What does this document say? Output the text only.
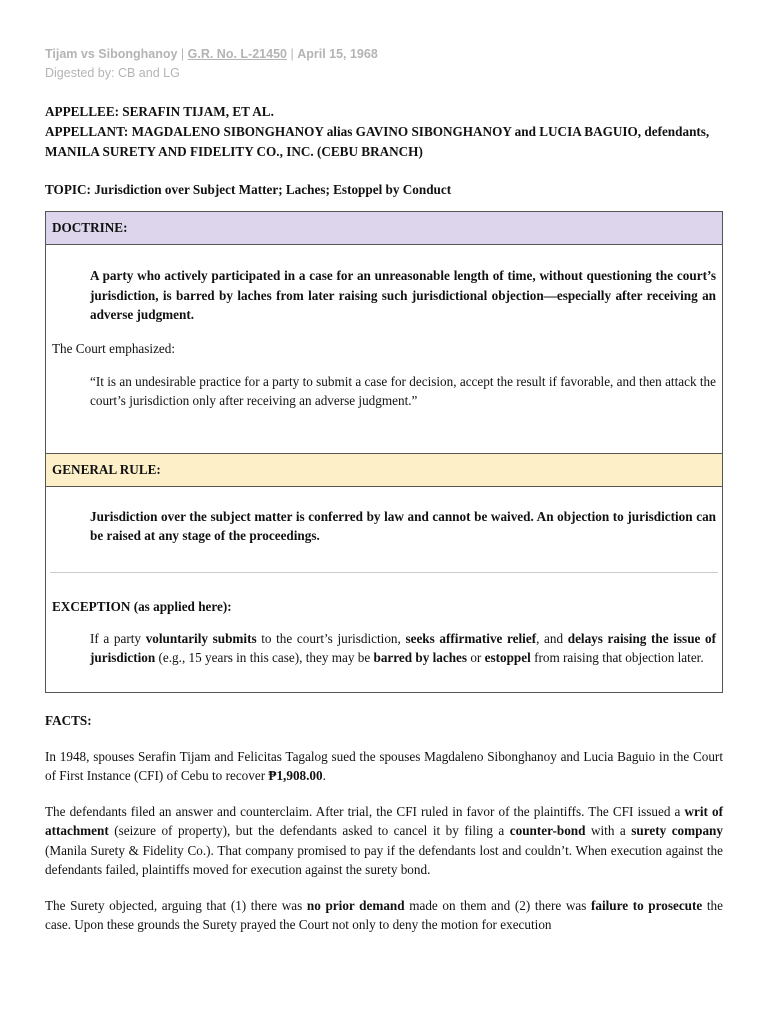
Tijam vs Sibonghanoy | G.R. No. L-21450 | April 15, 1968
Digested by: CB and LG
APPELLEE: SERAFIN TIJAM, ET AL.
APPELLANT: MAGDALENO SIBONGHANOY alias GAVINO SIBONGHANOY and LUCIA BAGUIO, defendants,
MANILA SURETY AND FIDELITY CO., INC. (CEBU BRANCH)
TOPIC: Jurisdiction over Subject Matter; Laches; Estoppel by Conduct
DOCTRINE:
A party who actively participated in a case for an unreasonable length of time, without questioning the court’s jurisdiction, is barred by laches from later raising such jurisdictional objection—especially after receiving an adverse judgment.
The Court emphasized:
“It is an undesirable practice for a party to submit a case for decision, accept the result if favorable, and then attack the court’s jurisdiction only after receiving an adverse judgment.”
GENERAL RULE:
Jurisdiction over the subject matter is conferred by law and cannot be waived. An objection to jurisdiction can be raised at any stage of the proceedings.
EXCEPTION (as applied here):
If a party voluntarily submits to the court’s jurisdiction, seeks affirmative relief, and delays raising the issue of jurisdiction (e.g., 15 years in this case), they may be barred by laches or estoppel from raising that objection later.
FACTS:
In 1948, spouses Serafin Tijam and Felicitas Tagalog sued the spouses Magdaleno Sibonghanoy and Lucia Baguio in the Court of First Instance (CFI) of Cebu to recover ₱1,908.00.
The defendants filed an answer and counterclaim. After trial, the CFI ruled in favor of the plaintiffs. The CFI issued a writ of attachment (seizure of property), but the defendants asked to cancel it by filing a counter-bond with a surety company (Manila Surety & Fidelity Co.). That company promised to pay if the defendants lost and couldn’t. When execution against the defendants failed, plaintiffs moved for execution against the surety bond.
The Surety objected, arguing that (1) there was no prior demand made on them and (2) there was failure to prosecute the case. Upon these grounds the Surety prayed the Court not only to deny the motion for execution
